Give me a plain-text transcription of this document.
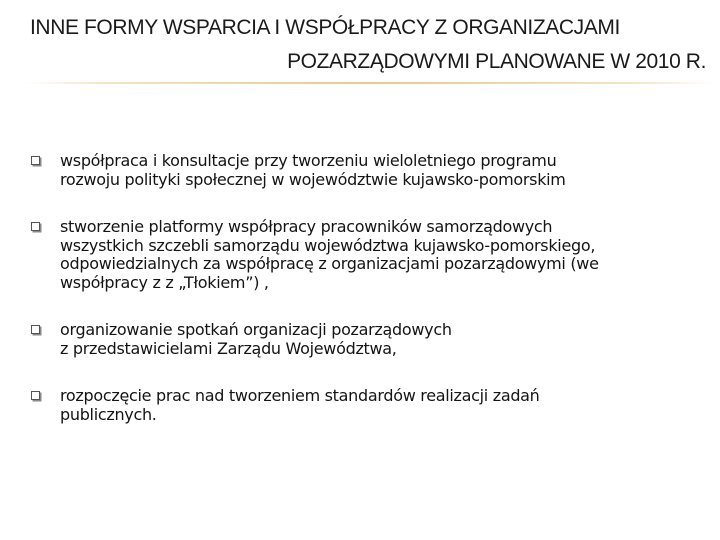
INNE FORMY WSPARCIA I WSPÓŁPRACY Z ORGANIZACJAMI

POZARZĄDOWYMI PLANOWANE W 2010 R.

współpraca i konsultacje przy tworzeniu wieloletniego programu
rozwoju polityki społecznej w województwie kujawsko-pomorskim
stworzenie platformy współpracy pracowników samorządowych
wszystkich szczebli samorządu województwa kujawsko-pomorskiego,
odpowiedzialnych za współpracę z organizacjami pozarządowymi (we
współpracy z z „Tłokiem”) ,
organizowanie spotkań organizacji pozarządowych
z przedstawicielami Zarządu Województwa,
rozpoczęcie prac nad tworzeniem standardów realizacji zadań
publicznych.
